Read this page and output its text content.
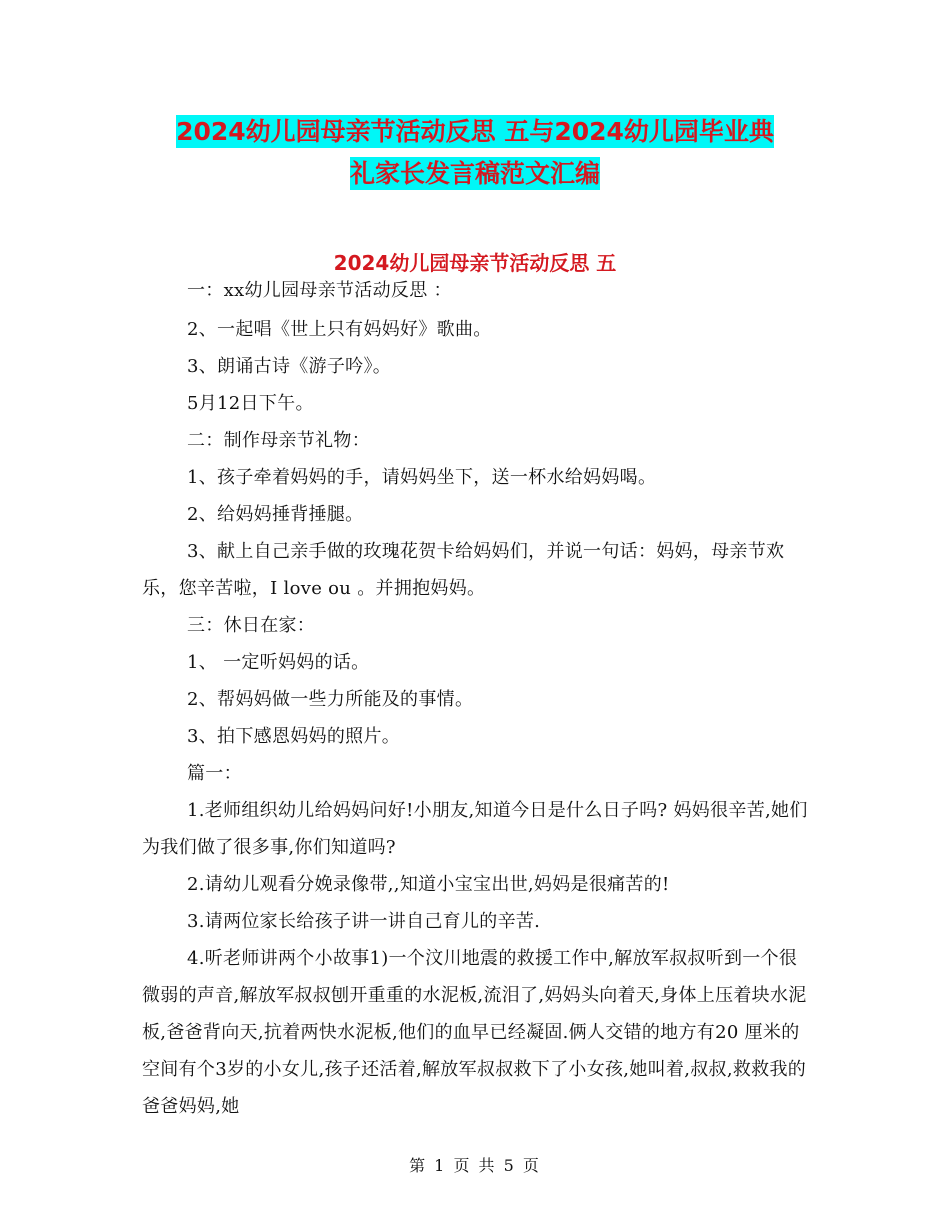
2024幼儿园母亲节活动反思 五与2024幼儿园毕业典
礼家长发言稿范文汇编
2024幼儿园母亲节活动反思 五

一：xx幼儿园母亲节活动反思 ：

2、一起唱《世上只有妈妈好》歌曲。

3、朗诵古诗《游子吟》。

5月12日下午。

二：制作母亲节礼物：

1、孩子牵着妈妈的手，请妈妈坐下，送一杯水给妈妈喝。

2、给妈妈捶背捶腿。

3、献上自己亲手做的玫瑰花贺卡给妈妈们，并说一句话：妈妈，母亲节欢乐，您辛苦啦，I love ou 。并拥抱妈妈。

三：休日在家：

1、 一定听妈妈的话。

2、帮妈妈做一些力所能及的事情。

3、拍下感恩妈妈的照片。

篇一：

1.老师组织幼儿给妈妈问好!小朋友,知道今日是什么日子吗? 妈妈很辛苦,她们为我们做了很多事,你们知道吗?

2.请幼儿观看分娩录像带,,知道小宝宝出世,妈妈是很痛苦的!

3.请两位家长给孩子讲一讲自己育儿的辛苦.

4.听老师讲两个小故事1)一个汶川地震的救援工作中,解放军叔叔听到一个很微弱的声音,解放军叔叔刨开重重的水泥板,流泪了,妈妈头向着天,身体上压着块水泥板,爸爸背向天,抗着两快水泥板,他们的血早已经凝固.俩人交错的地方有20 厘米的空间有个3岁的小女儿,孩子还活着,解放军叔叔救下了小女孩,她叫着,叔叔,救救我的爸爸妈妈,她

第 1 页 共 5 页
